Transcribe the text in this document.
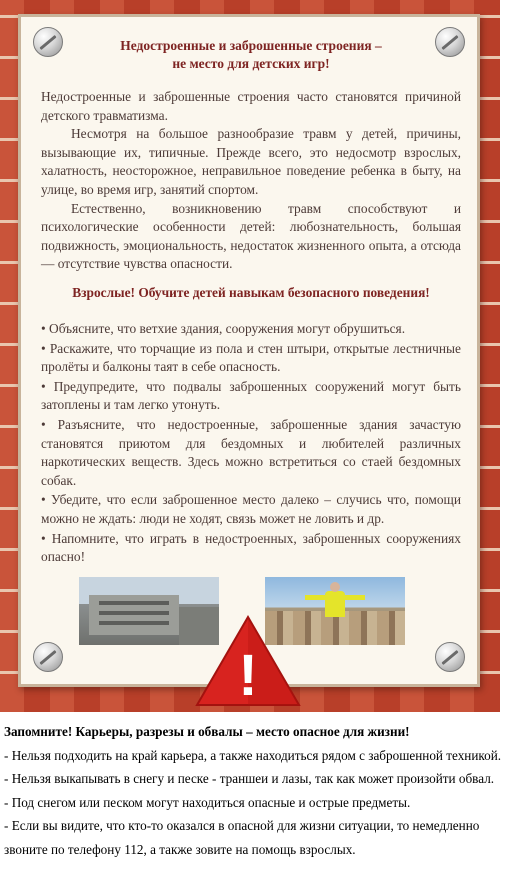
Недостроенные и заброшенные строения –
не место для детских игр!

Недостроенные и заброшенные строения часто становятся причиной детского травматизма.

Несмотря на большое разнообразие травм у детей, причины, вызывающие их, типичные. Прежде всего, это недосмотр взрослых, халатность, неосторожное, неправильное поведение ребенка в быту, на улице, во время игр, занятий спортом.

Естественно, возникновению травм способствуют и психологические особенности детей: любознательность, большая подвижность, эмоциональность, недостаток жизненного опыта, а отсюда — отсутствие чувства опасности.

Взрослые! Обучите детей навыкам безопасного поведения!

• Объясните, что ветхие здания, сооружения могут обрушиться.

• Раскажите, что торчащие из пола и стен штыри, открытые лестничные пролёты и балконы таят в себе опасность.

• Предупредите, что подвалы заброшенных сооружений могут быть затоплены и там легко утонуть.

• Разъясните, что недостроенные, заброшенные здания зачастую становятся приютом для бездомных и любителей различных наркотических веществ. Здесь можно встретиться со стаей бездомных собак.

• Убедите, что если заброшенное место далеко – случись что, помощи можно не ждать: люди не ходят, связь может не ловить и др.

• Напомните, что играть в недостроенных, заброшенных сооружениях опасно!

!

Запомните! Карьеры, разрезы и обвалы – место опасное для жизни!

- Нельзя подходить на край карьера, а также находиться рядом с заброшенной техникой.

- Нельзя выкапывать в снегу и песке - траншеи и лазы, так как может произойти обвал.

- Под снегом или песком могут находиться опасные и острые предметы.

- Если вы видите, что кто-то оказался в опасной для жизни ситуации, то немедленно звоните по телефону 112, а также зовите на помощь взрослых.
